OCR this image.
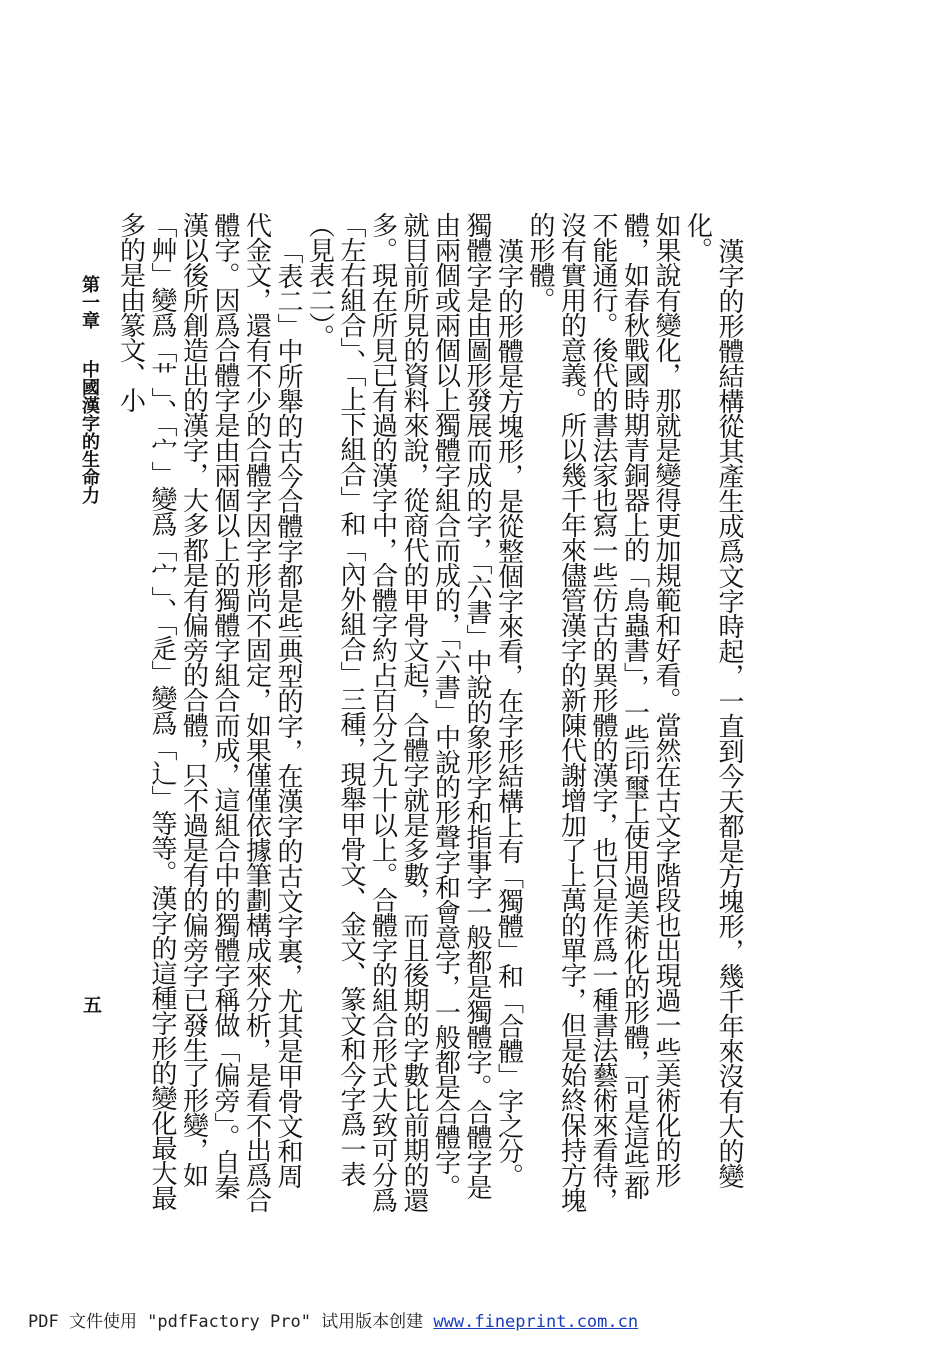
漢字的形體結構從其產生成爲文字時起，一直到今天都是方塊形，幾千年來沒有大的變化。

如果說有變化，那就是變得更加規範和好看。當然在古文字階段也出現過一些美術化的形體，如春秋戰國時期青銅器上的「鳥蟲書」，一些印璽上使用過美術化的形體，可是這些都不能通行。後代的書法家也寫一些仿古的異形體的漢字，也只是作爲一種書法藝術來看待，沒有實用的意義。所以幾千年來儘管漢字的新陳代謝增加了上萬的單字，但是始終保持方塊的形體。

漢字的形體是方塊形，是從整個字來看，在字形結構上有「獨體」和「合體」字之分。獨體字是由圖形發展而成的字，「六書」中說的象形字和指事字一般都是獨體字。合體字是由兩個或兩個以上獨體字組合而成的，「六書」中說的形聲字和會意字，一般都是合體字。就目前所見的資料來說，從商代的甲骨文起，合體字就是多數，而且後期的字數比前期的還多。現在所見已有過的漢字中，合體字約占百分之九十以上。合體字的組合形式大致可分爲「左右組合」、「上下組合」和「內外組合」三種，現舉甲骨文、金文、篆文和今字爲一表（見表二）。

「表二」中所舉的古今合體字都是些典型的字，在漢字的古文字裏，尤其是甲骨文和周代金文，還有不少的合體字因字形尚不固定，如果僅僅依據筆劃構成來分析，是看不出爲合體字。因爲合體字是由兩個以上的獨體字組合而成，這組合中的獨體字稱做「偏旁」。自秦漢以後所創造出的漢字，大多都是有偏旁的合體，只不過是有的偏旁字已發生了形變，如「艸」變爲「艹」、「宀」變爲「宀」、「辵」變爲「辶」等等。漢字的這種字形的變化最大最多的是由篆文、小

第一章  中國漢字的生命力
五
PDF 文件使用 "pdfFactory Pro" 试用版本创建 www.fineprint.com.cn
